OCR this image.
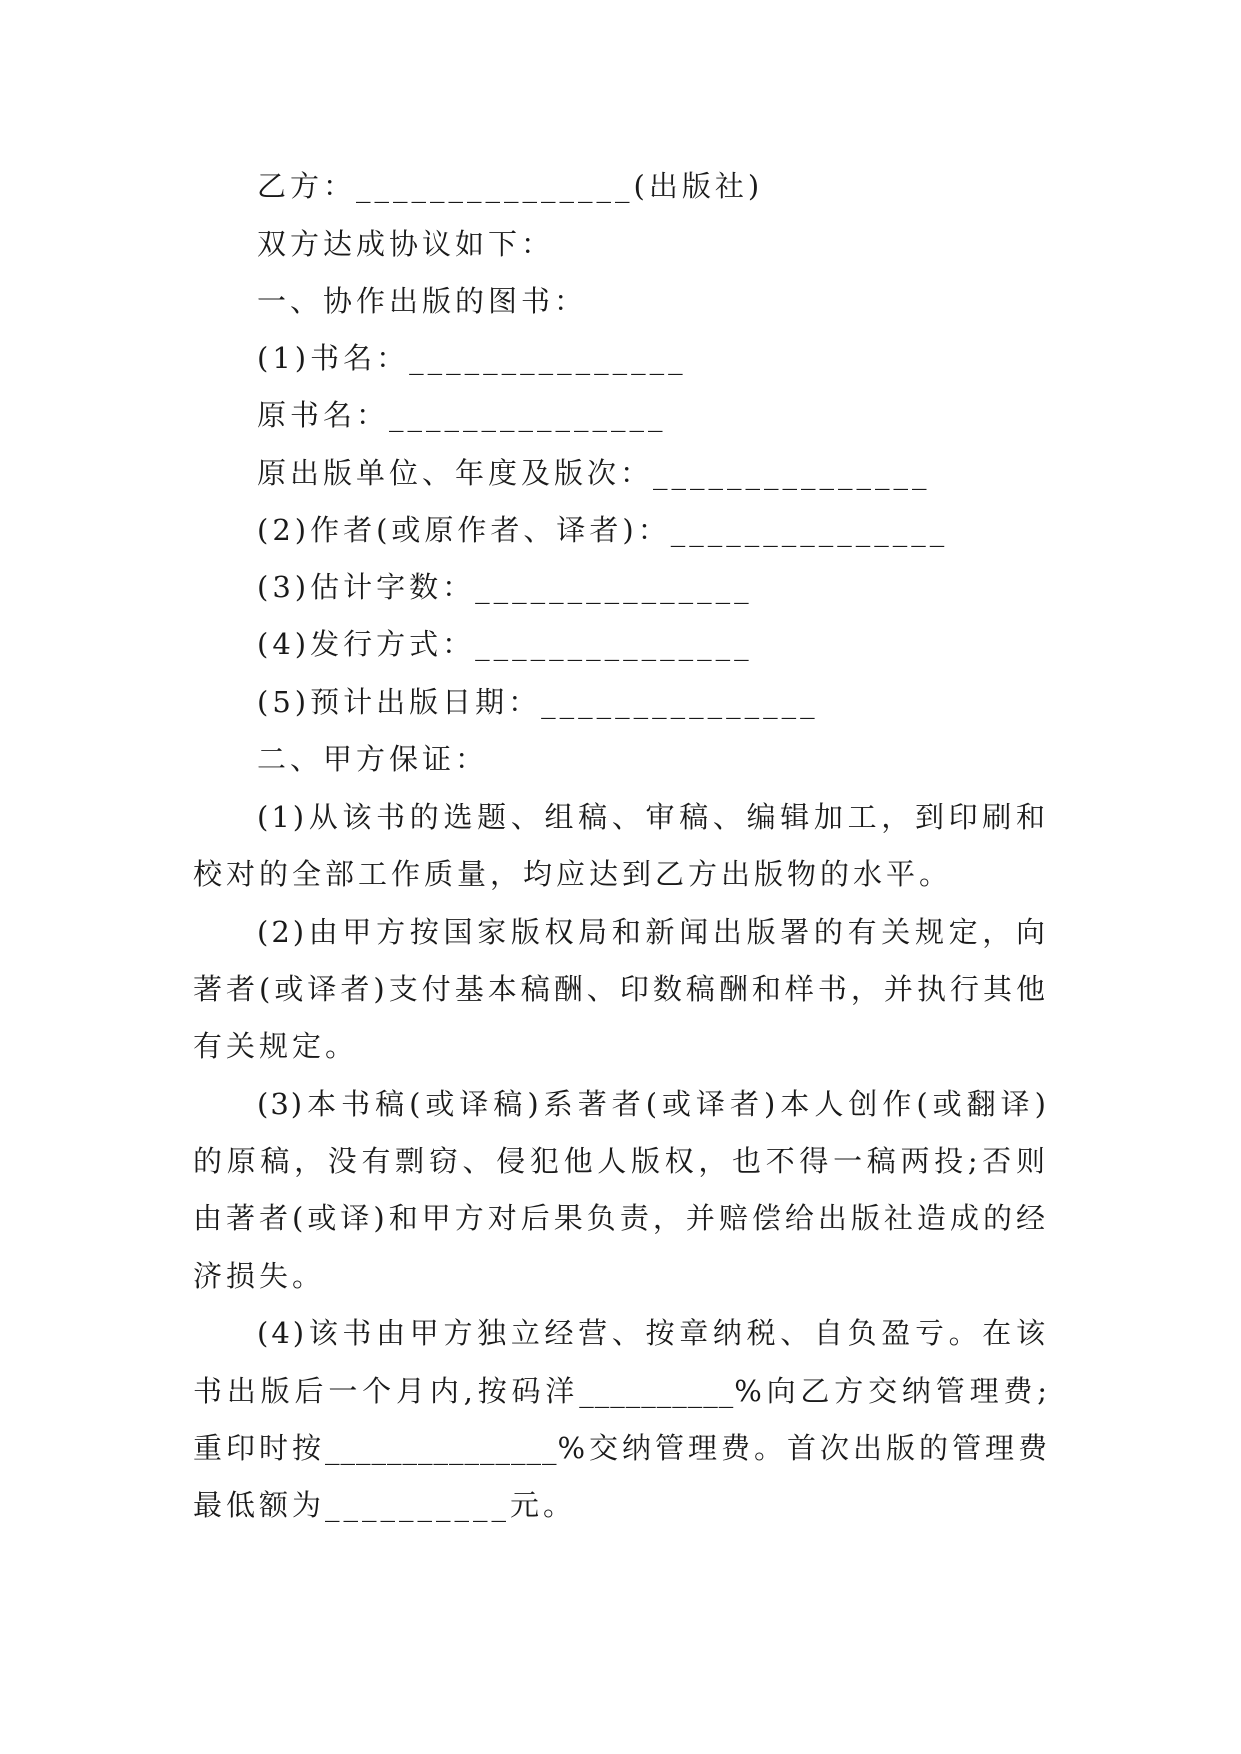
乙方：_______________(出版社)
双方达成协议如下：
一、协作出版的图书：
(1)书名：_______________
原书名：_______________
原出版单位、年度及版次：_______________
(2)作者(或原作者、译者)：_______________
(3)估计字数：_______________
(4)发行方式：_______________
(5)预计出版日期：_______________
二、甲方保证：
(1)从该书的选题、组稿、审稿、编辑加工，到印刷和
校对的全部工作质量，均应达到乙方出版物的水平。
(2)由甲方按国家版权局和新闻出版署的有关规定，向
著者(或译者)支付基本稿酬、印数稿酬和样书，并执行其他
有关规定。
(3)本书稿(或译稿)系著者(或译者)本人创作(或翻译)
的原稿，没有剽窃、侵犯他人版权，也不得一稿两投;否则
由著者(或译)和甲方对后果负责，并赔偿给出版社造成的经
济损失。
(4)该书由甲方独立经营、按章纳税、自负盈亏。在该
书出版后一个月内,按码洋__________%向乙方交纳管理费;
重印时按_______________%交纳管理费。首次出版的管理费
最低额为__________元。
